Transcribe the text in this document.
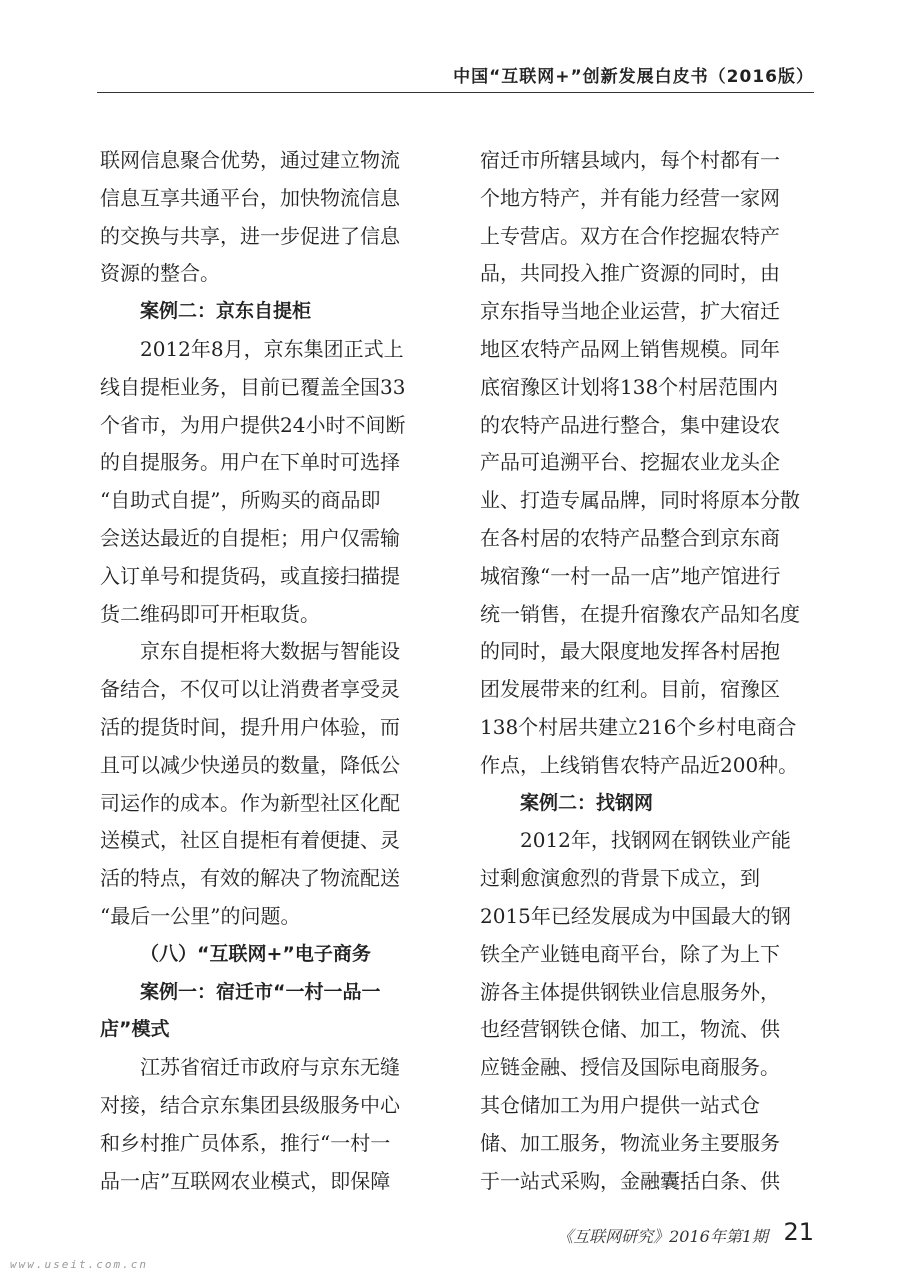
中国“互联网+”创新发展白皮书（2016版）
联网信息聚合优势，通过建立物流
信息互享共通平台，加快物流信息
的交换与共享，进一步促进了信息
资源的整合。
案例二：京东自提柜
2012年8月，京东集团正式上
线自提柜业务，目前已覆盖全国33
个省市，为用户提供24小时不间断
的自提服务。用户在下单时可选择
“自助式自提”，所购买的商品即
会送达最近的自提柜；用户仅需输
入订单号和提货码，或直接扫描提
货二维码即可开柜取货。
京东自提柜将大数据与智能设
备结合，不仅可以让消费者享受灵
活的提货时间，提升用户体验，而
且可以减少快递员的数量，降低公
司运作的成本。作为新型社区化配
送模式，社区自提柜有着便捷、灵
活的特点，有效的解决了物流配送
“最后一公里”的问题。
（八）“互联网+”电子商务
案例一：宿迁市“一村一品一
店”模式
江苏省宿迁市政府与京东无缝
对接，结合京东集团县级服务中心
和乡村推广员体系，推行“一村一
品一店”互联网农业模式，即保障
宿迁市所辖县域内，每个村都有一
个地方特产，并有能力经营一家网
上专营店。双方在合作挖掘农特产
品，共同投入推广资源的同时，由
京东指导当地企业运营，扩大宿迁
地区农特产品网上销售规模。同年
底宿豫区计划将138个村居范围内
的农特产品进行整合，集中建设农
产品可追溯平台、挖掘农业龙头企
业、打造专属品牌，同时将原本分散
在各村居的农特产品整合到京东商
城宿豫“一村一品一店”地产馆进行
统一销售，在提升宿豫农产品知名度
的同时，最大限度地发挥各村居抱
团发展带来的红利。目前，宿豫区
138个村居共建立216个乡村电商合
作点，上线销售农特产品近200种。
案例二：找钢网
2012年，找钢网在钢铁业产能
过剩愈演愈烈的背景下成立，到
2015年已经发展成为中国最大的钢
铁全产业链电商平台，除了为上下
游各主体提供钢铁业信息服务外，
也经营钢铁仓储、加工，物流、供
应链金融、授信及国际电商服务。
其仓储加工为用户提供一站式仓
储、加工服务，物流业务主要服务
于一站式采购，金融囊括白条、供
《互联网研究》2016年第1期 21
www.useit.com.cn
